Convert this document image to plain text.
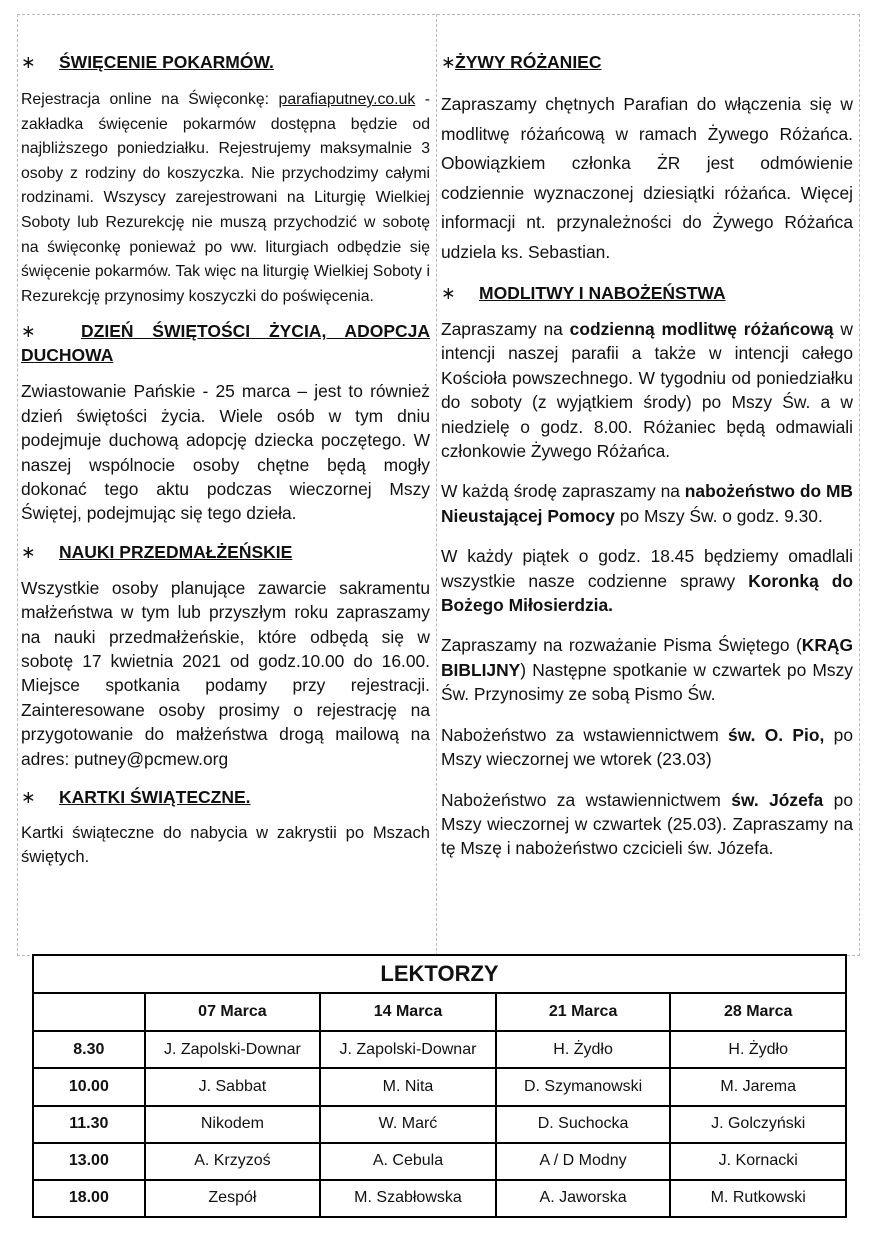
∗	ŚWIĘCENIE POKARMÓW.
Rejestracja online na Święconkę: parafiaputney.co.uk - zakładka święcenie pokarmów dostępna będzie od najbliższego poniedziałku. Rejestrujemy maksymalnie 3 osoby z rodziny do koszyczka. Nie przychodzimy całymi rodzinami. Wszyscy zarejestrowani na Liturgię Wielkiej Soboty lub Rezurekcję nie muszą przychodzić w sobotę na święconkę ponieważ po ww. liturgiach odbędzie się święcenie pokarmów. Tak więc na liturgię Wielkiej Soboty i Rezurekcję przynosimy koszyczki do poświęcenia.
∗	DZIEŃ ŚWIĘTOŚCI ŻYCIA, ADOPCJA DUCHOWA
Zwiastowanie Pańskie - 25 marca – jest to również dzień świętości życia. Wiele osób w tym dniu podejmuje duchową adopcję dziecka poczętego. W naszej wspólnocie osoby chętne będą mogły dokonać tego aktu podczas wieczornej Mszy Świętej, podejmując się tego dzieła.
∗	NAUKI PRZEDMAŁŻEŃSKIE
Wszystkie osoby planujące zawarcie sakramentu małżeństwa w tym lub przyszłym roku zapraszamy na nauki przedmałżeńskie, które odbędą się w sobotę 17 kwietnia 2021 od godz.10.00 do 16.00. Miejsce spotkania podamy przy rejestracji. Zainteresowane osoby prosimy o rejestrację na przygotowanie do małżeństwa drogą mailową na adres: putney@pcmew.org
∗	KARTKI ŚWIĄTECZNE.
Kartki świąteczne do nabycia w zakrystii po Mszach świętych.
∗ ŻYWY RÓŻANIEC
Zapraszamy chętnych Parafian do włączenia się w modlitwę różańcową w ramach Żywego Różańca. Obowiązkiem członka ŻR jest odmówienie codziennie wyznaczonej dziesiątki różańca. Więcej informacji nt. przynależności do Żywego Różańca udziela ks. Sebastian.
∗	MODLITWY I NABOŻEŃSTWA
Zapraszamy na codzienną modlitwę różańcową w intencji naszej parafii a także w intencji całego Kościoła powszechnego. W tygodniu od poniedziałku do soboty (z wyjątkiem środy) po Mszy Św. a w niedzielę o godz. 8.00. Różaniec będą odmawiali członkowie Żywego Różańca.
W każdą środę zapraszamy na nabożeństwo do MB Nieustającej Pomocy po Mszy Św. o godz. 9.30.
W każdy piątek o godz. 18.45 będziemy omadlali wszystkie nasze codzienne sprawy Koronką do Bożego Miłosierdzia.
Zapraszamy na rozważanie Pisma Świętego (KRĄG BIBLIJNY) Następne spotkanie w czwartek po Mszy Św. Przynosimy ze sobą Pismo Św.
Nabożeństwo za wstawiennictwem św. O. Pio, po Mszy wieczornej we wtorek (23.03)
Nabożeństwo za wstawiennictwem św. Józefa po Mszy wieczornej w czwartek (25.03). Zapraszamy na tę Mszę i nabożeństwo czcicieli św. Józefa.
LEKTORZY				
	07 Marca	14 Marca	21 Marca	28 Marca
8.30	J. Zapolski-Downar	J. Zapolski-Downar	H. Żydło	H. Żydło
10.00	J. Sabbat	M. Nita	D. Szymanowski	M. Jarema
11.30	Nikodem	W. Marć	D. Suchocka	J. Golczyński
13.00	A. Krzyzoś	A. Cebula	A / D Modny	J. Kornacki
18.00	Zespół	M. Szabłowska	A. Jaworska	M. Rutkowski
